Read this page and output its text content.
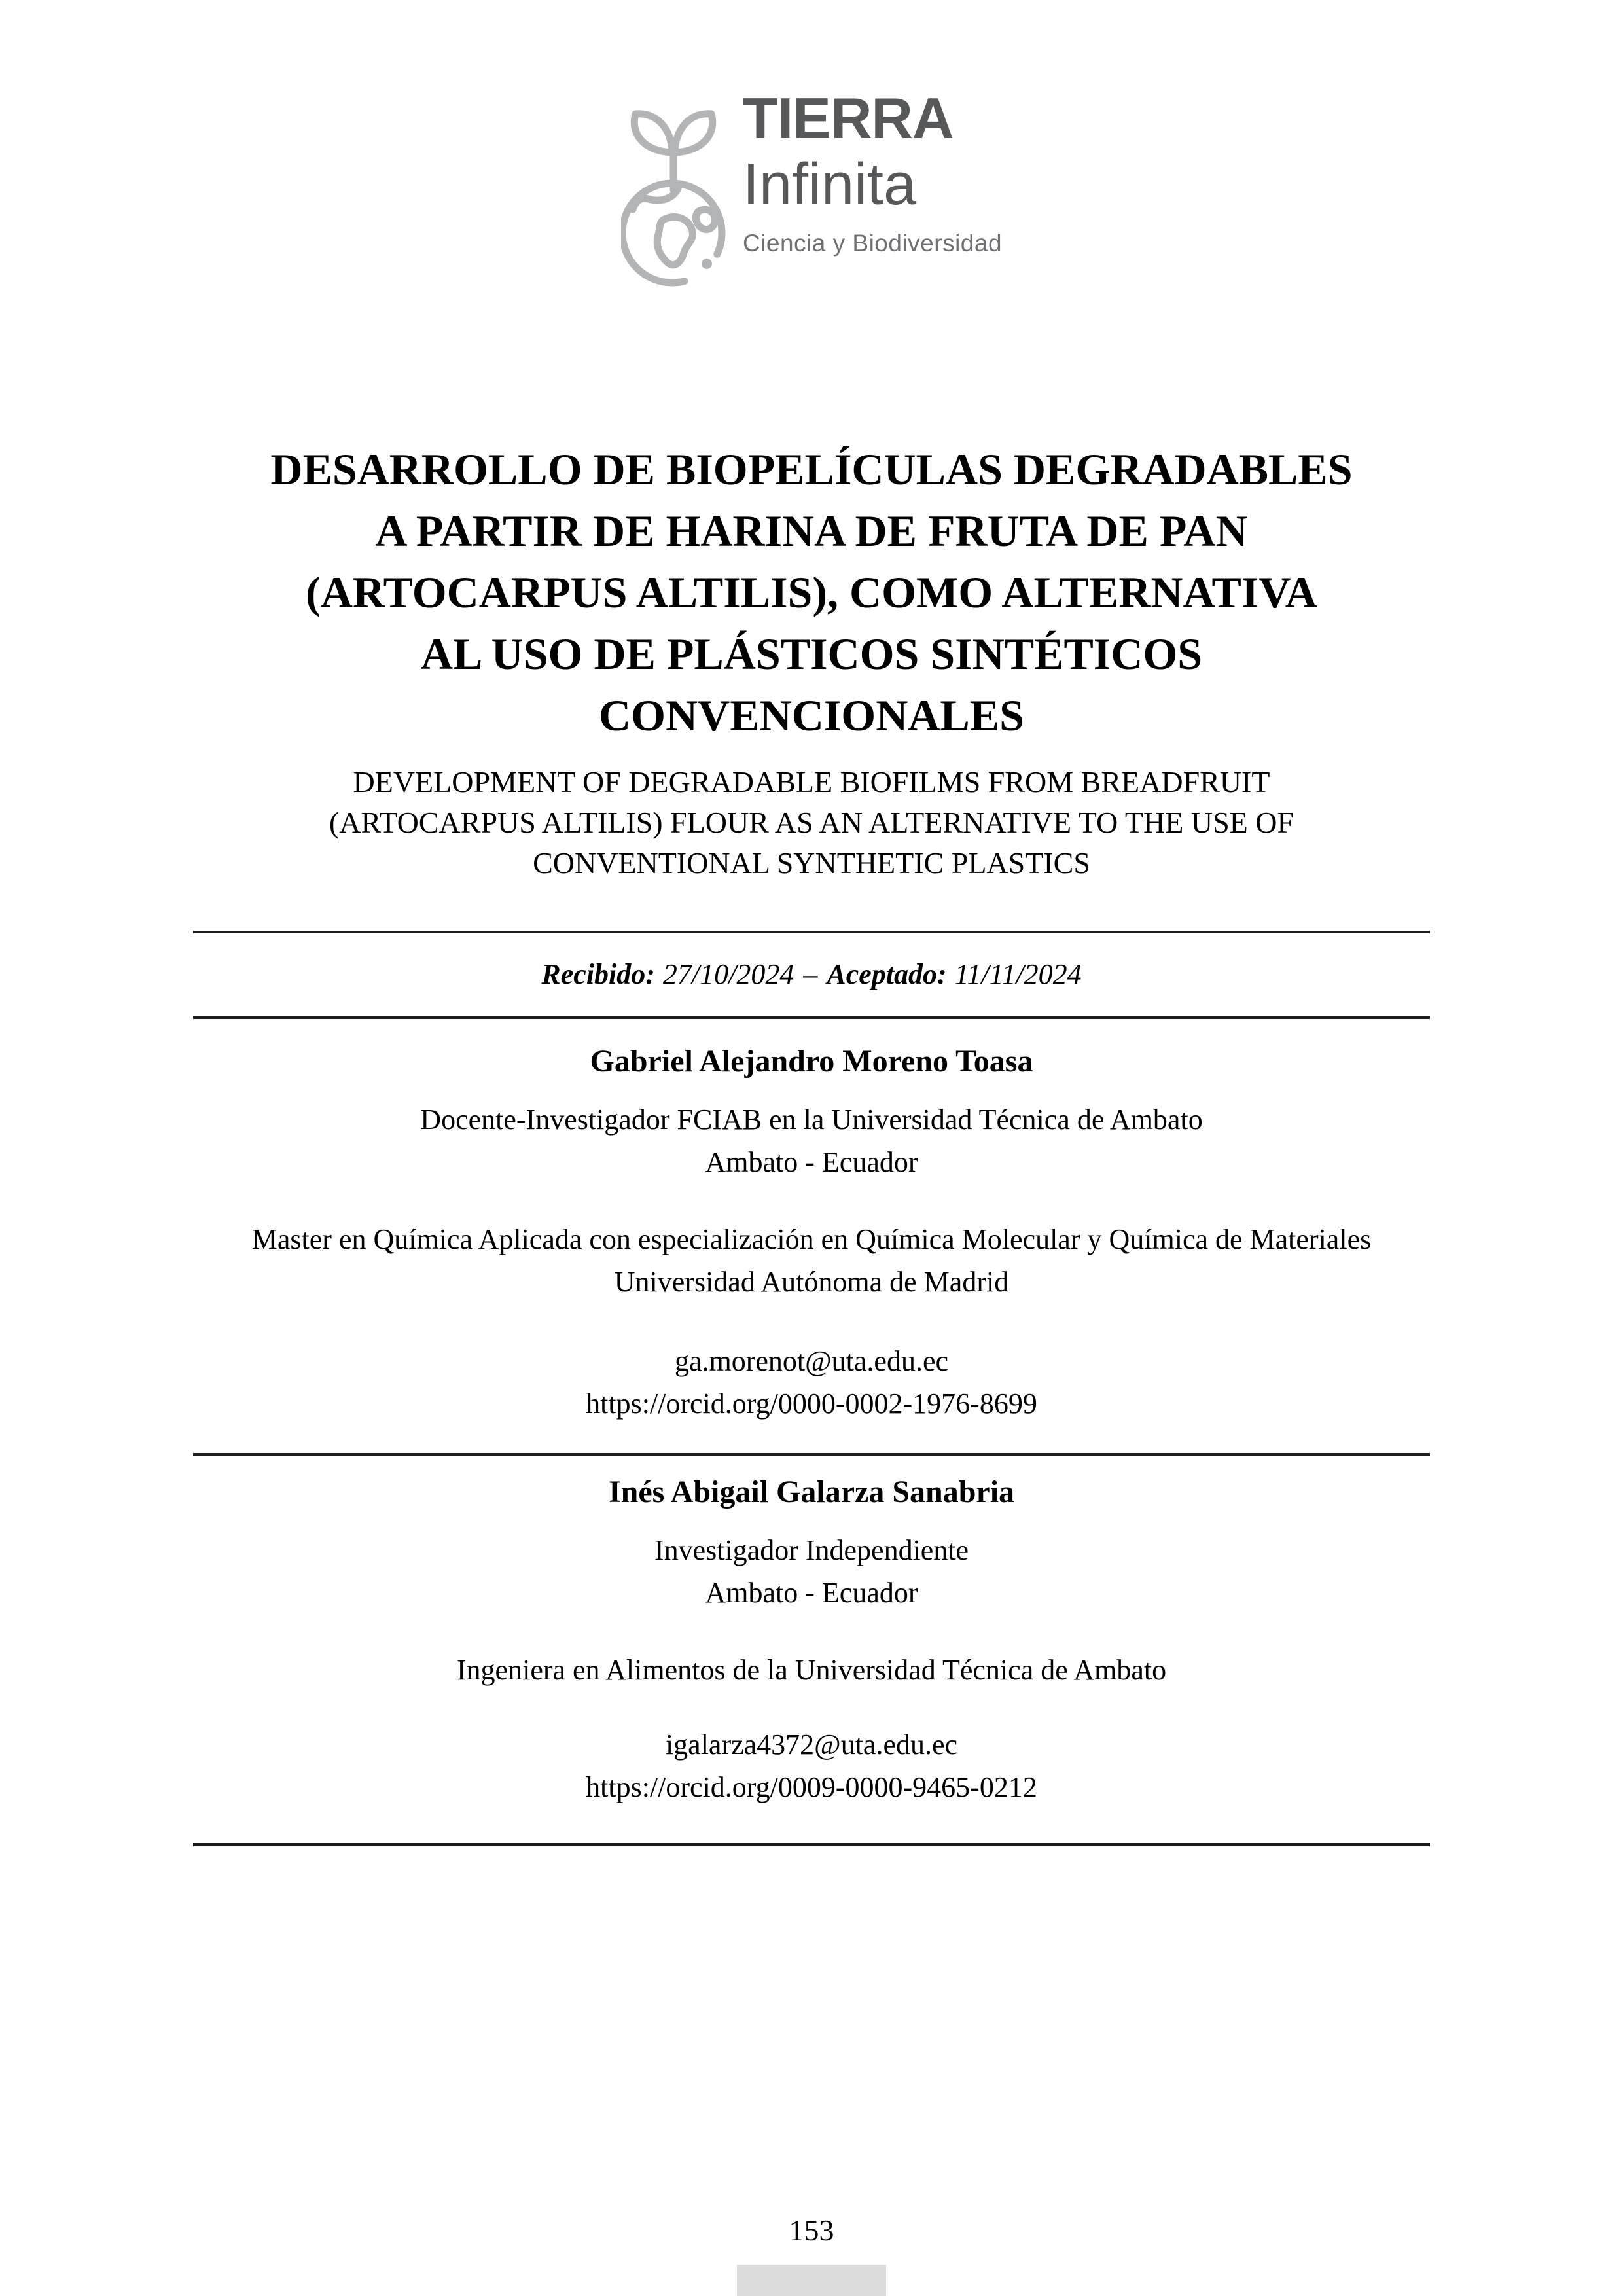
TIERRA
Infinita
Ciencia y Biodiversidad
DESARROLLO DE BIOPELÍCULAS DEGRADABLES
A PARTIR DE HARINA DE FRUTA DE PAN
(ARTOCARPUS ALTILIS), COMO ALTERNATIVA
AL USO DE PLÁSTICOS SINTÉTICOS
CONVENCIONALES
DEVELOPMENT OF DEGRADABLE BIOFILMS FROM BREADFRUIT
(ARTOCARPUS ALTILIS) FLOUR AS AN ALTERNATIVE TO THE USE OF
CONVENTIONAL SYNTHETIC PLASTICS
Recibido: 27/10/2024 – Aceptado: 11/11/2024
Gabriel Alejandro Moreno Toasa
Docente-Investigador FCIAB en la Universidad Técnica de Ambato
Ambato - Ecuador
Master en Química Aplicada con especialización en Química Molecular y Química de Materiales
Universidad Autónoma de Madrid
ga.morenot@uta.edu.ec
https://orcid.org/0000-0002-1976-8699
Inés Abigail Galarza Sanabria
Investigador Independiente
Ambato - Ecuador
Ingeniera en Alimentos de la Universidad Técnica de Ambato
igalarza4372@uta.edu.ec
https://orcid.org/0009-0000-9465-0212
153
